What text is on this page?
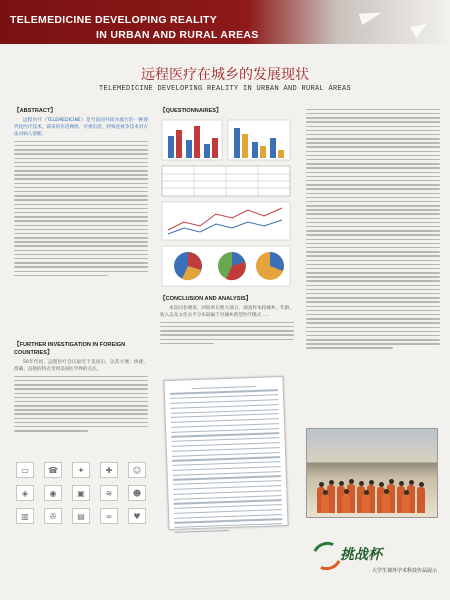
TELEMEDICINE DEVELOPING REALITY
IN URBAN AND RURAL AREAS
远程医疗在城乡的发展现状
TELEMEDICINE DEVELOPING REALITY IN URBAN AND RURAL AREAS
【ABSTRACT】
远程医疗（TELEMEDICINE）是当前国外较为流行的一种现代化医疗技术，即采用先进网络、可视电话，特殊连接等技术对方法对病人诊断。
【FURTHER INVESTIGATION IN FOREIGN COUNTRIES】
50年代初，远程医疗会议最近于美国后，以其方便、快捷、准确、直接的特点受到美国医学界的关注。
▭	☎	✦	✚	☺
◈	◉	▣	≋	☻
▥	✇	▤	∞	♥
【QUESTIONNAIRES】
【CONCLUSION AND ANALYSIS】
本次问卷调查，回收率在绝大部分，调查样本较城乡、年龄、收入以及文化水平分布较属于对城乡新型医疗模式……
挑战杯
大学生课外学术科技作品展示
